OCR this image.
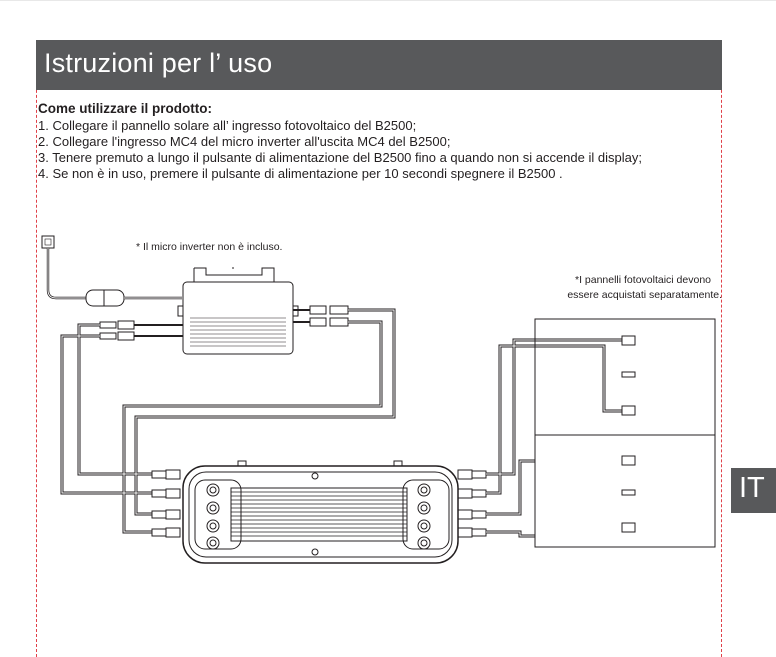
Istruzioni per l’ uso
Come utilizzare il prodotto:
1. Collegare il pannello solare all’ ingresso fotovoltaico del B2500;
2. Collegare l'ingresso MC4 del micro inverter all'uscita MC4 del B2500;
3. Tenere premuto a lungo il pulsante di alimentazione del B2500 fino a quando non si accende il display;
4. Se non è in uso, premere il pulsante di alimentazione per 10 secondi spegnere il B2500 .
* Il micro inverter non è incluso.
*I pannelli fotovoltaici devono
essere acquistati separatamente.
IT
